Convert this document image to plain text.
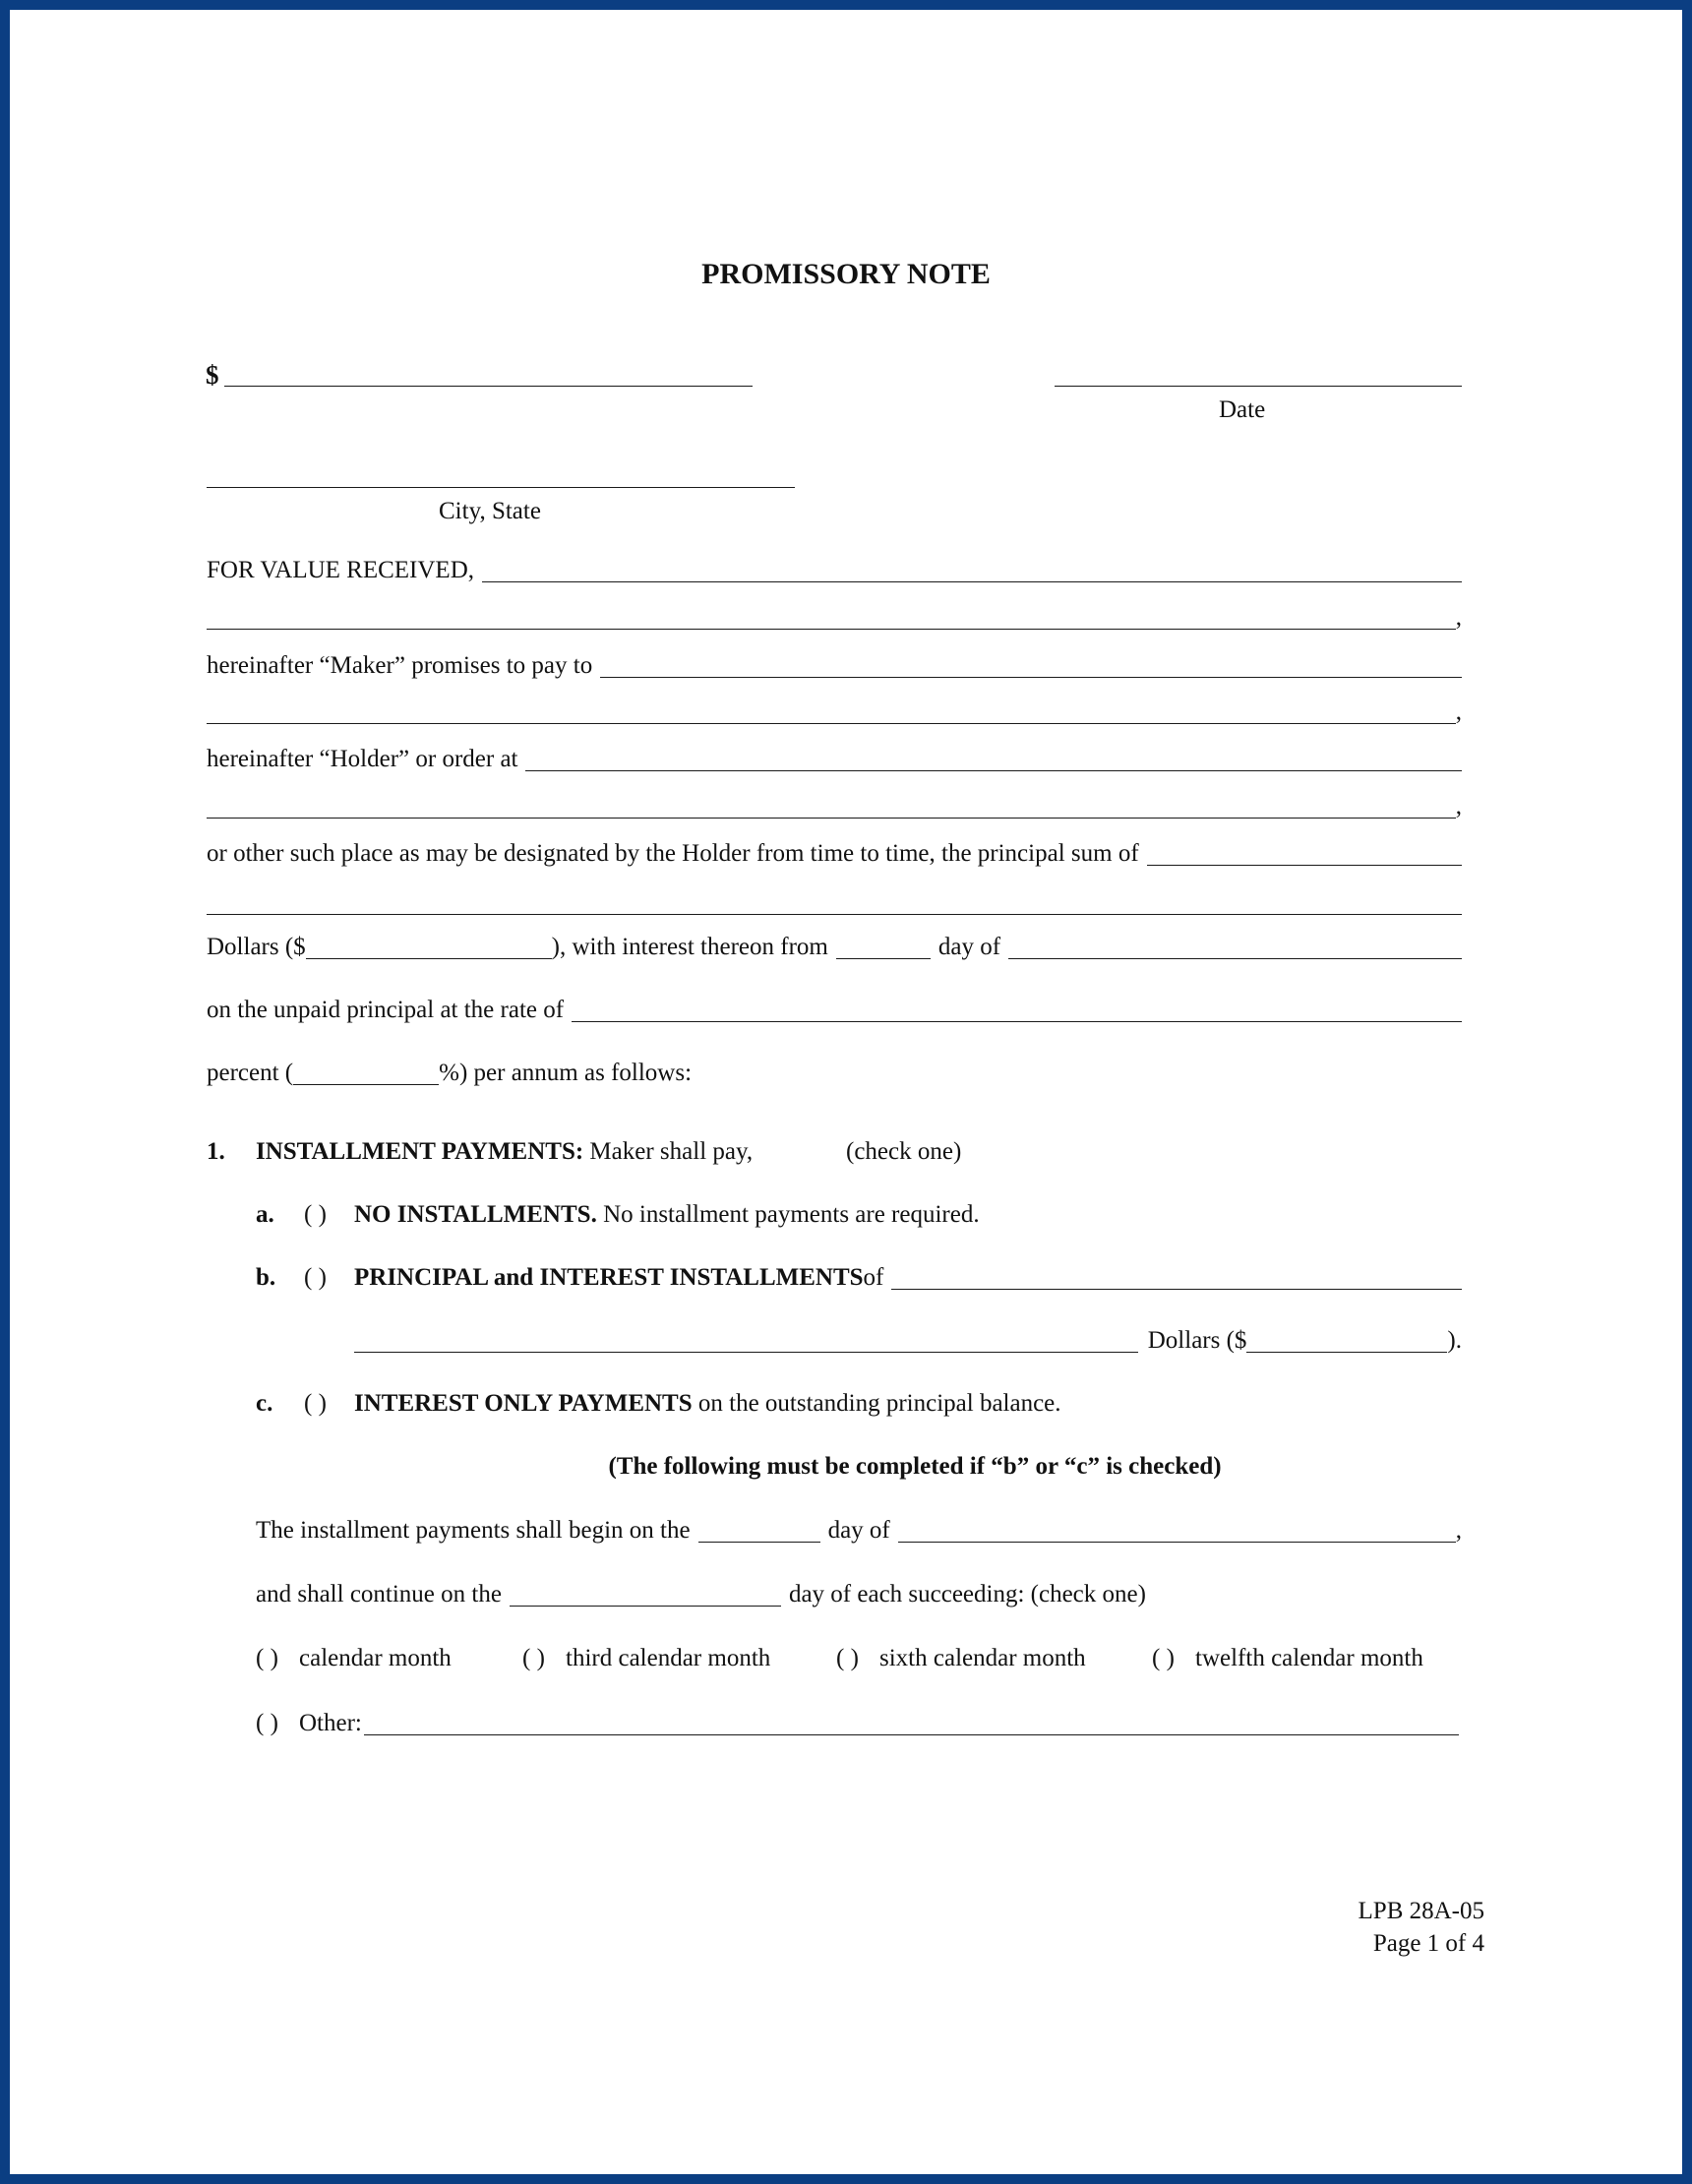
PROMISSORY NOTE
$
Date
City, State
FOR VALUE RECEIVED,
,
hereinafter “Maker” promises to pay to
,
hereinafter “Holder” or order at
,
or other such place as may be designated by the Holder from time to time, the principal sum of
Dollars ($	), with interest thereon from	day of
on the unpaid principal at the rate of
percent (	%) per annum as follows:
1. INSTALLMENT PAYMENTS: Maker shall pay,	(check one)
a. ( ) NO INSTALLMENTS. No installment payments are required.
b. ( ) PRINCIPAL and INTEREST INSTALLMENTS of
Dollars ($	).
c. ( ) INTEREST ONLY PAYMENTS on the outstanding principal balance.
(The following must be completed if “b” or “c” is checked)
The installment payments shall begin on the	day of	,
and shall continue on the	day of each succeeding: (check one)
( ) calendar month	( ) third calendar month	( ) sixth calendar month	( ) twelfth calendar month
( ) Other:
LPB 28A-05
Page 1 of 4
